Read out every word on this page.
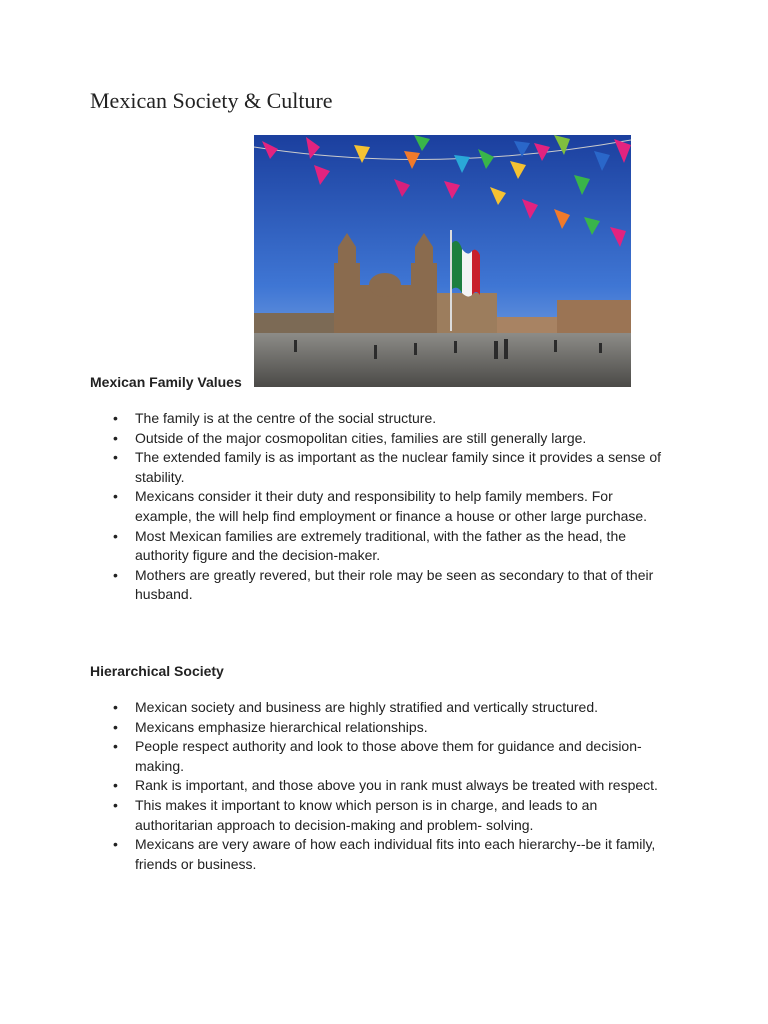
Mexican Society & Culture
Mexican Family Values
• The family is at the centre of the social structure.
• Outside of the major cosmopolitan cities, families are still generally large.
• The extended family is as important as the nuclear family since it provides a sense of stability.
• Mexicans consider it their duty and responsibility to help family members. For example, the will help find employment or finance a house or other large purchase.
• Most Mexican families are extremely traditional, with the father as the head, the authority figure and the decision-maker.
• Mothers are greatly revered, but their role may be seen as secondary to that of their husband.
Hierarchical Society
• Mexican society and business are highly stratified and vertically structured.
• Mexicans emphasize hierarchical relationships.
• People respect authority and look to those above them for guidance and decision-making.
• Rank is important, and those above you in rank must always be treated with respect.
• This makes it important to know which person is in charge, and leads to an authoritarian approach to decision-making and problem- solving.
• Mexicans are very aware of how each individual fits into each hierarchy--be it family, friends or business.
